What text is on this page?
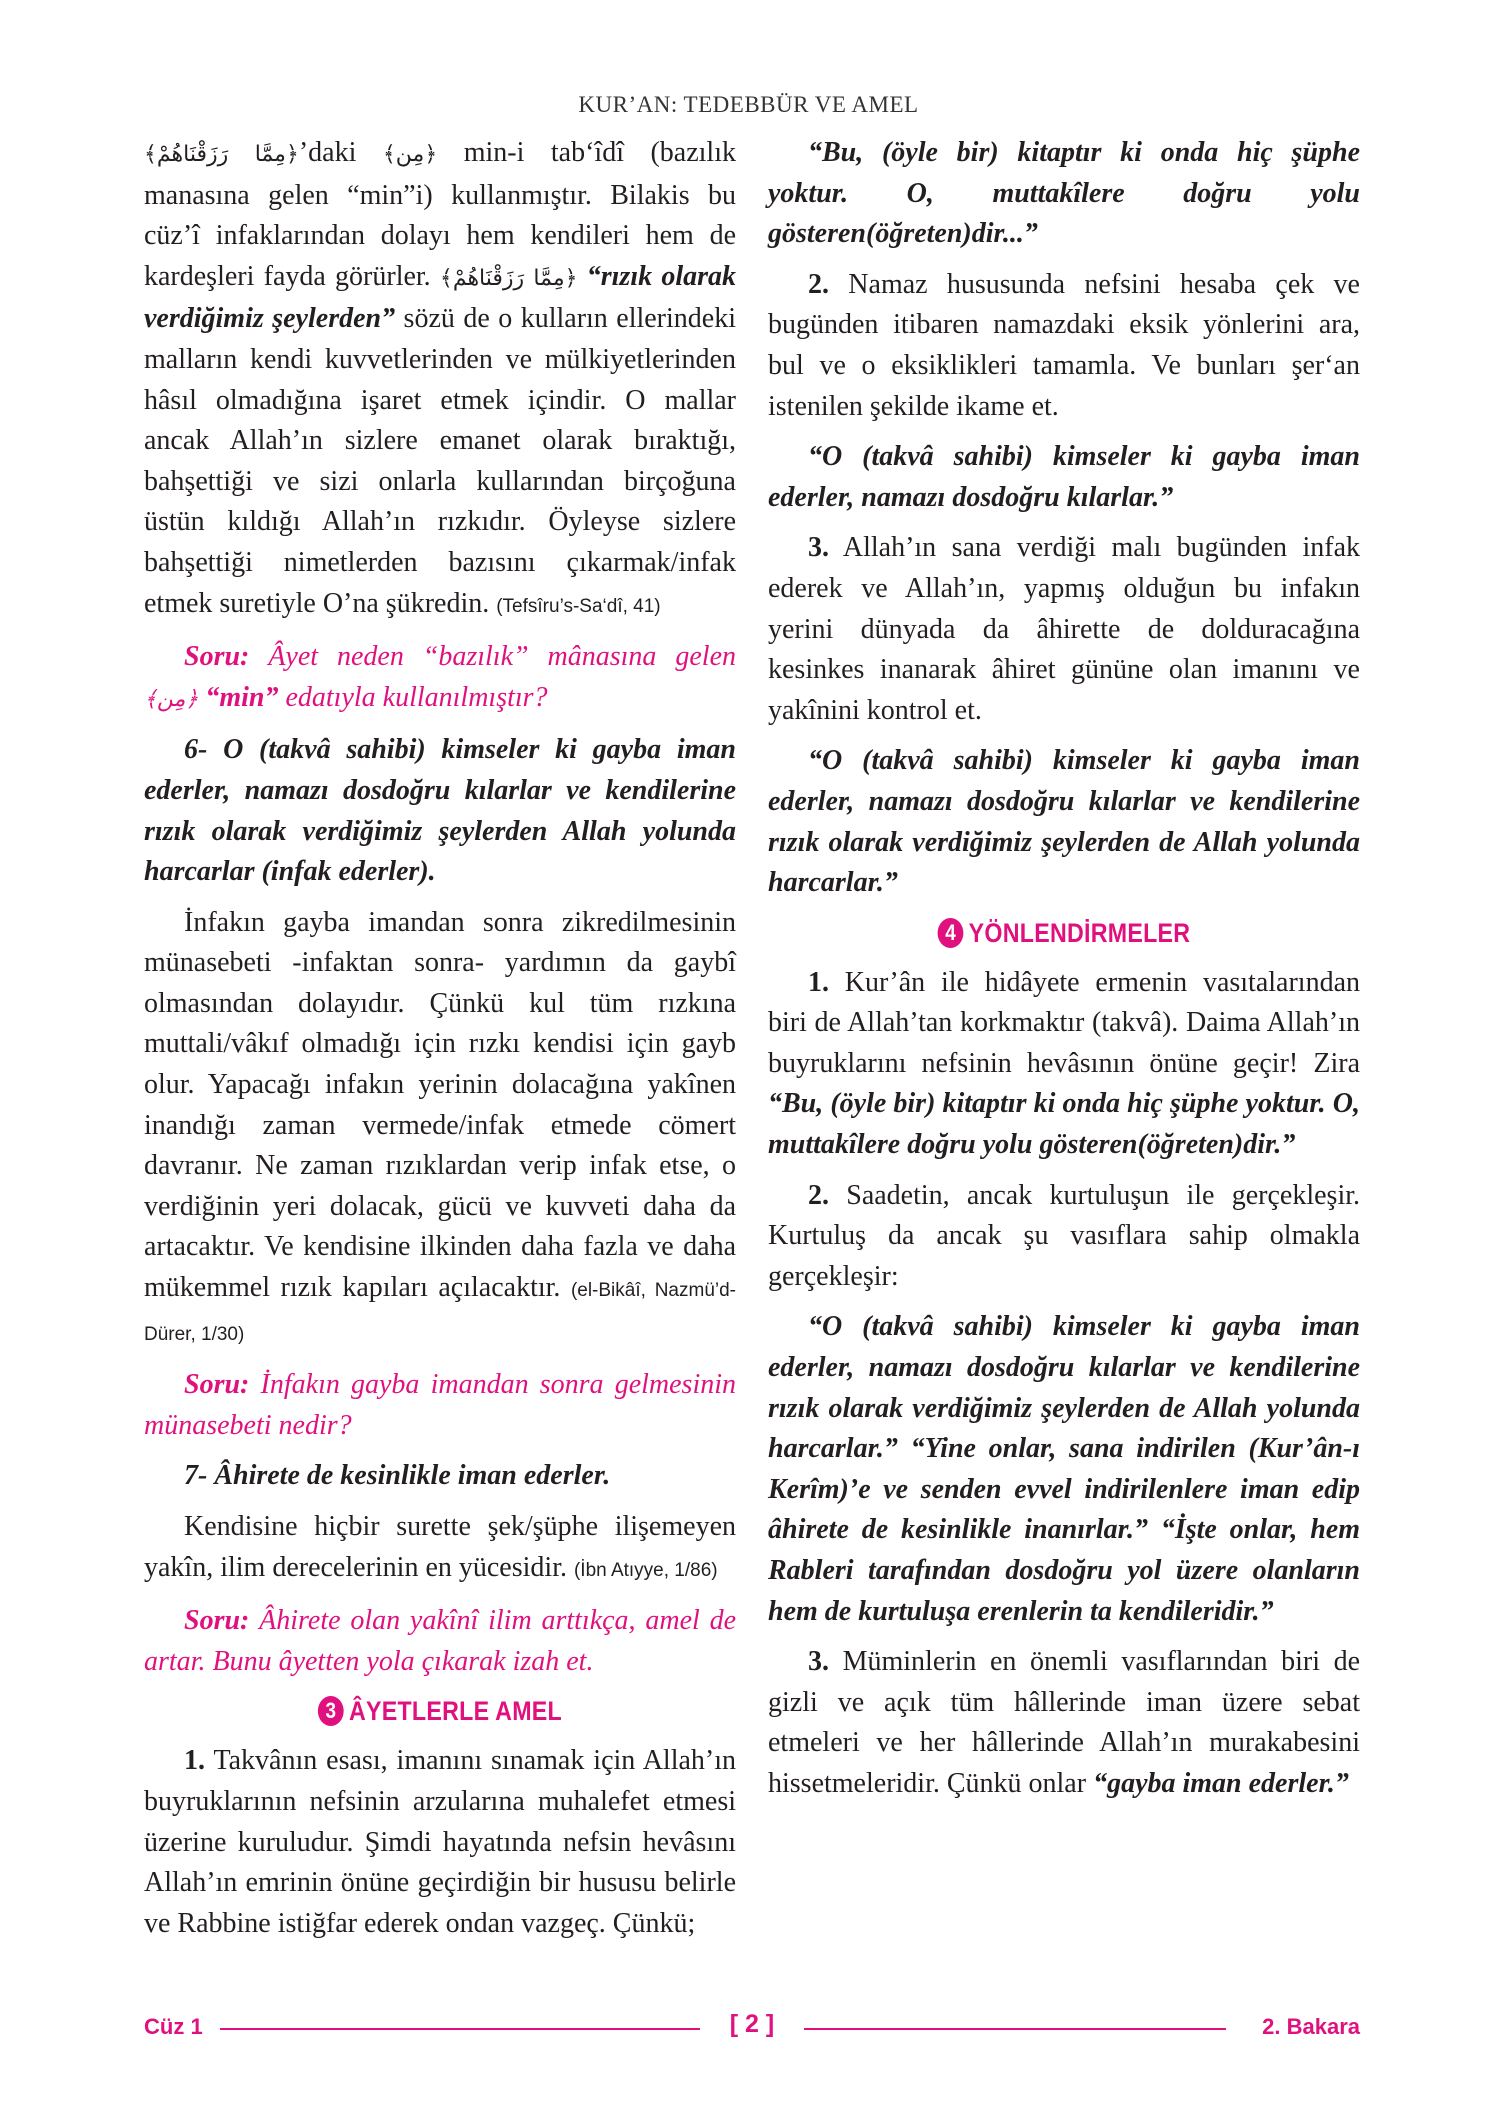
KUR’AN: TEDEBBÜR VE AMEL

﴿مِمَّا رَزَقْنَاهُمْ﴾’daki ﴿مِن﴾ min-i tab‘îdî (bazılık manasına gelen “min”i) kullanmıştır. Bilakis bu cüz’î infaklarından dolayı hem kendileri hem de kardeşleri fayda görürler. ﴿مِمَّا رَزَقْنَاهُمْ﴾ “rızık olarak verdiğimiz şeylerden” sözü de o kulların ellerindeki malların kendi kuvvetlerinden ve mülkiyetlerinden hâsıl olmadığına işaret etmek içindir. O mallar ancak Allah’ın sizlere emanet olarak bıraktığı, bahşettiği ve sizi onlarla kullarından birçoğuna üstün kıldığı Allah’ın rızkıdır. Öyleyse sizlere bahşettiği nimetlerden bazısını çıkarmak/infak etmek suretiyle O’na şükredin. (Tefsîru’s-Sa‘dî, 41)

Soru: Âyet neden “bazılık” mânasına gelen ﴿مِن﴾ “min” edatıyla kullanılmıştır?

6- O (takvâ sahibi) kimseler ki gayba iman ederler, namazı dosdoğru kılarlar ve kendilerine rızık olarak verdiğimiz şeylerden Allah yolunda harcarlar (infak ederler).

İnfakın gayba imandan sonra zikredilmesinin münasebeti -infaktan sonra- yardımın da gaybî olmasından dolayıdır. Çünkü kul tüm rızkına muttali/vâkıf olmadığı için rızkı kendisi için gayb olur. Yapacağı infakın yerinin dolacağına yakînen inandığı zaman vermede/infak etmede cömert davranır. Ne zaman rızıklardan verip infak etse, o verdiğinin yeri dolacak, gücü ve kuvveti daha da artacaktır. Ve kendisine ilkinden daha fazla ve daha mükemmel rızık kapıları açılacaktır. (el-Bikâî, Nazmü’d-Dürer, 1/30)

Soru: İnfakın gayba imandan sonra gelmesinin münasebeti nedir?

7- Âhirete de kesinlikle iman ederler.

Kendisine hiçbir surette şek/şüphe ilişemeyen yakîn, ilim derecelerinin en yücesidir. (İbn Atıyye, 1/86)

Soru: Âhirete olan yakînî ilim arttıkça, amel de artar. Bunu âyetten yola çıkarak izah et.

3 ÂYETLERLE AMEL

1. Takvânın esası, imanını sınamak için Allah’ın buyruklarının nefsinin arzularına muhalefet etmesi üzerine kuruludur. Şimdi hayatında nefsin hevâsını Allah’ın emrinin önüne geçirdiğin bir hususu belirle ve Rabbine istiğfar ederek ondan vazgeç. Çünkü;

“Bu, (öyle bir) kitaptır ki onda hiç şüphe yoktur. O, muttakîlere doğru yolu gösteren(öğreten)dir...”

2. Namaz hususunda nefsini hesaba çek ve bugünden itibaren namazdaki eksik yönlerini ara, bul ve o eksiklikleri tamamla. Ve bunları şer‘an istenilen şekilde ikame et.

“O (takvâ sahibi) kimseler ki gayba iman ederler, namazı dosdoğru kılarlar.”

3. Allah’ın sana verdiği malı bugünden infak ederek ve Allah’ın, yapmış olduğun bu infakın yerini dünyada da âhirette de dolduracağına kesinkes inanarak âhiret gününe olan imanını ve yakînini kontrol et.

“O (takvâ sahibi) kimseler ki gayba iman ederler, namazı dosdoğru kılarlar ve kendilerine rızık olarak verdiğimiz şeylerden de Allah yolunda harcarlar.”

4 YÖNLENDİRMELER

1. Kur’ân ile hidâyete ermenin vasıtalarından biri de Allah’tan korkmaktır (takvâ). Daima Allah’ın buyruklarını nefsinin hevâsının önüne geçir! Zira “Bu, (öyle bir) kitaptır ki onda hiç şüphe yoktur. O, muttakîlere doğru yolu gösteren(öğreten)dir.”

2. Saadetin, ancak kurtuluşun ile gerçekleşir. Kurtuluş da ancak şu vasıflara sahip olmakla gerçekleşir:

“O (takvâ sahibi) kimseler ki gayba iman ederler, namazı dosdoğru kılarlar ve kendilerine rızık olarak verdiğimiz şeylerden de Allah yolunda harcarlar.” “Yine onlar, sana indirilen (Kur’ân-ı Kerîm)’e ve senden evvel indirilenlere iman edip âhirete de kesinlikle inanırlar.” “İşte onlar, hem Rableri tarafından dosdoğru yol üzere olanların hem de kurtuluşa erenlerin ta kendileridir.”

3. Müminlerin en önemli vasıflarından biri de gizli ve açık tüm hâllerinde iman üzere sebat etmeleri ve her hâllerinde Allah’ın murakabesini hissetmeleridir. Çünkü onlar “gayba iman ederler.”

Cüz 1	[ 2 ]	2. Bakara
